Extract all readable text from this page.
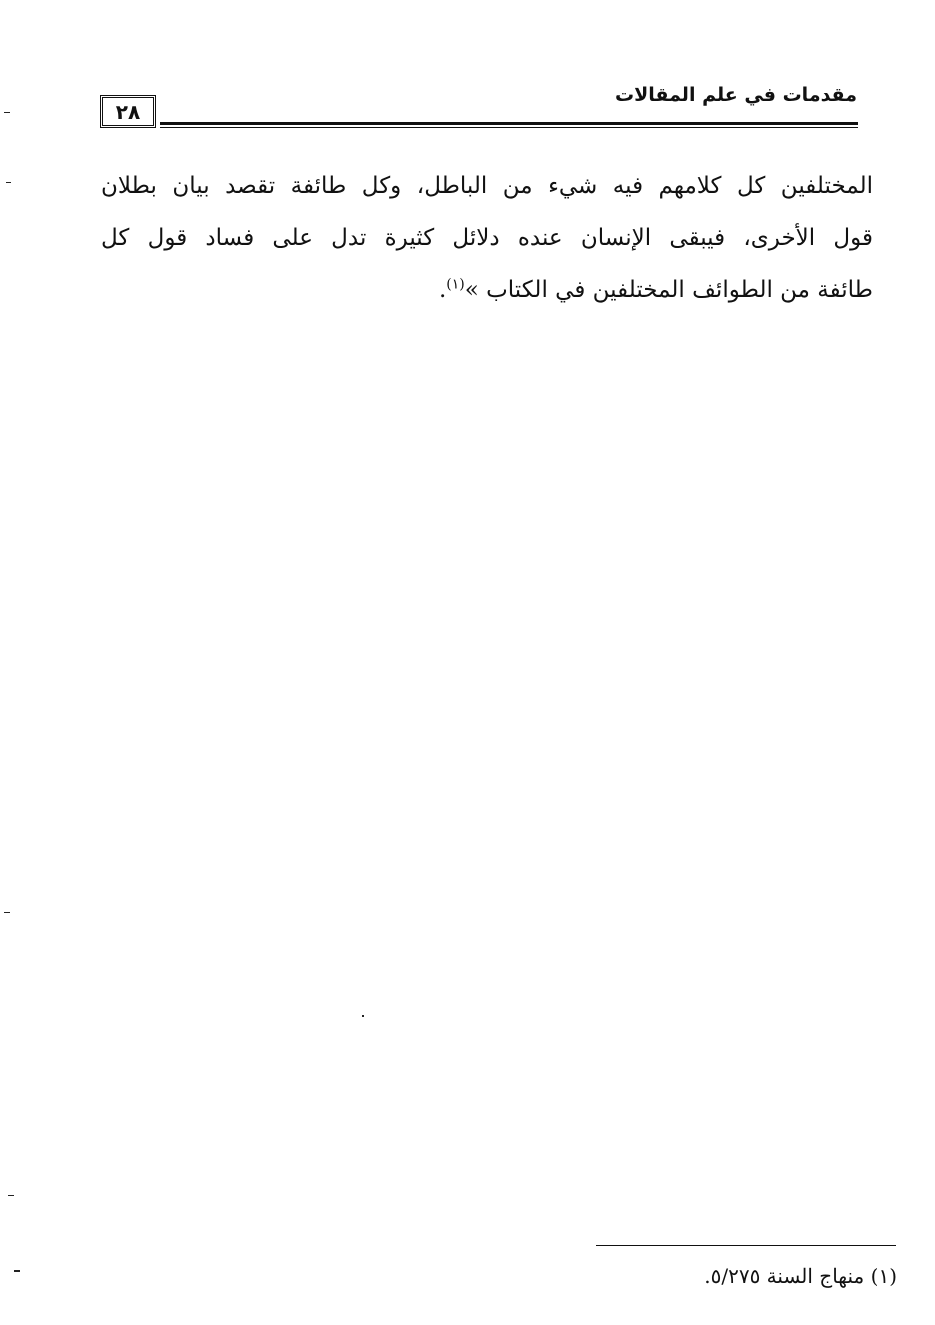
مقدمات في علم المقالات
٢٨
المختلفين كل كلامهم فيه شيء من الباطل، وكل طائفة تقصد بيان بطلان
قول الأخرى، فيبقى الإنسان عنده دلائل كثيرة تدل على فساد قول كل
طائفة من الطوائف المختلفين في الكتاب »$^{(١)}$.
(١) منهاج السنة ٥/٢٧٥.
